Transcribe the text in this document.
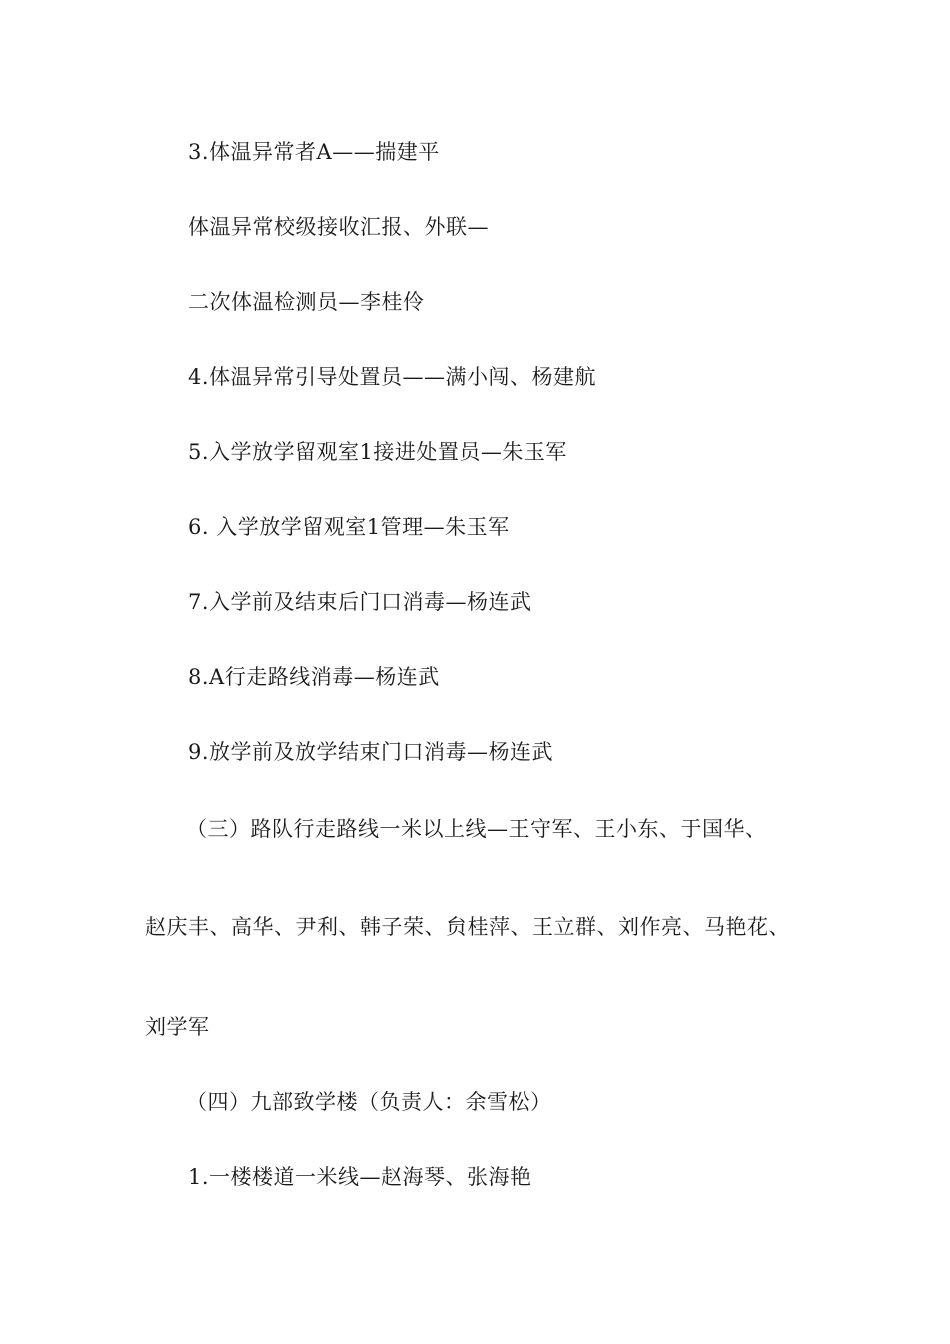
3.体温异常者A——揣建平
体温异常校级接收汇报、外联—
二次体温检测员—李桂伶
4.体温异常引导处置员——满小闯、杨建航
5.入学放学留观室1接进处置员—朱玉军
6. 入学放学留观室1管理—朱玉军
7.入学前及结束后门口消毒—杨连武
8.A行走路线消毒—杨连武
9.放学前及放学结束门口消毒—杨连武
（三）路队行走路线一米以上线—王守军、王小东、于国华、
赵庆丰、高华、尹利、韩子荣、贠桂萍、王立群、刘作亮、马艳花、
刘学军
（四）九部致学楼（负责人：余雪松）
1.一楼楼道一米线—赵海琴、张海艳
